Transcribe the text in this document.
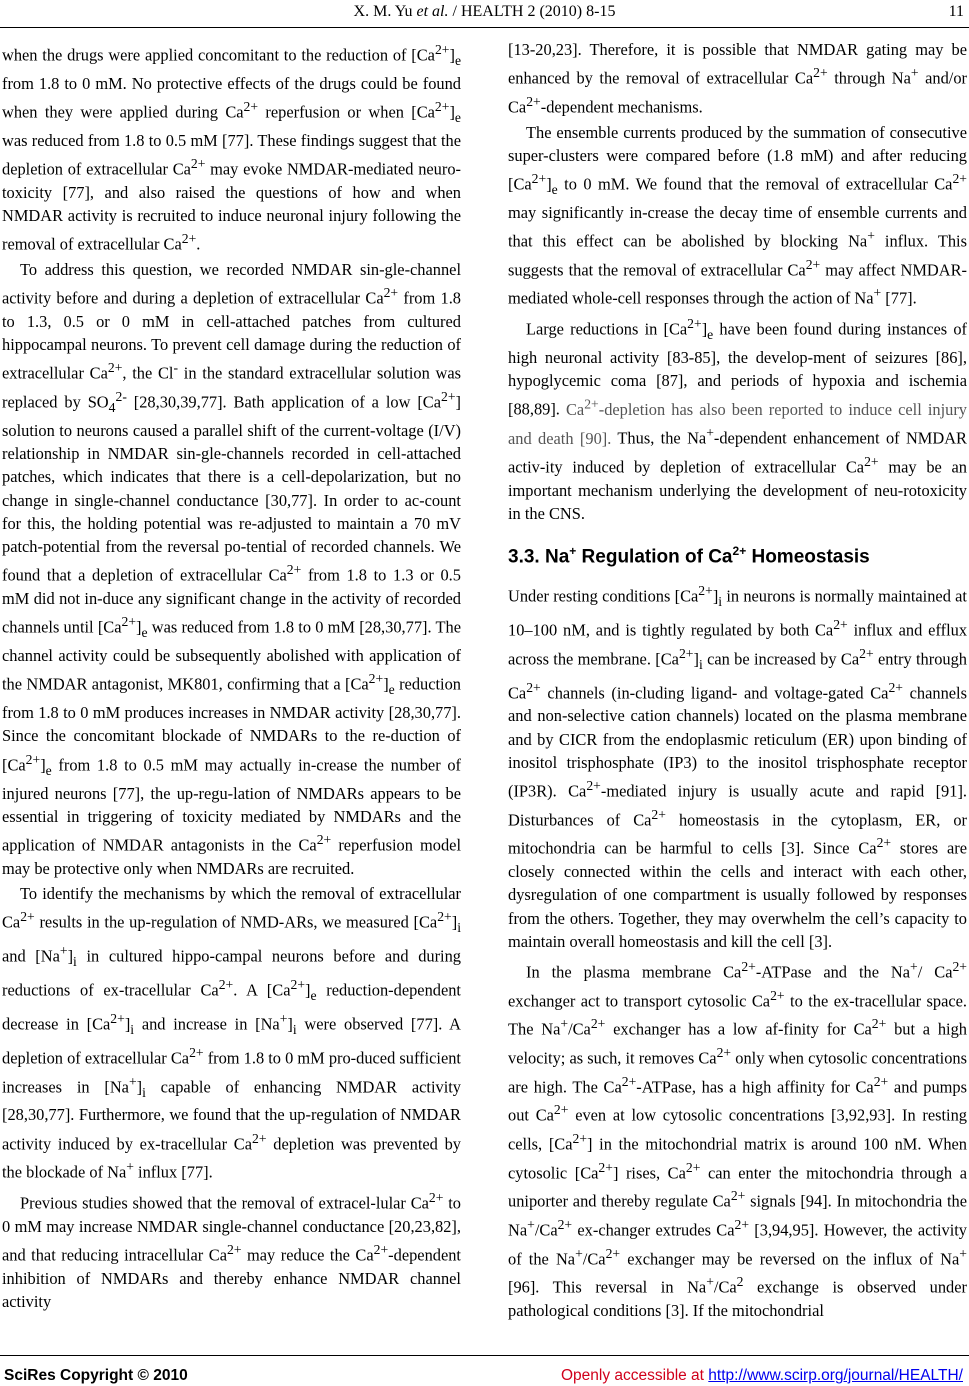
X. M. Yu et al. / HEALTH 2 (2010) 8-15	11

when the drugs were applied concomitant to the reduction of $[Ca^{2+}]_e$ from 1.8 to 0 mM. No protective effects of the drugs could be found when they were applied during $Ca^{2+}$ reperfusion or when $[Ca^{2+}]_e$ was reduced from 1.8 to 0.5 mM [77]. These findings suggest that the depletion of extracellular $Ca^{2+}$ may evoke NMDAR-mediated neuro-toxicity [77], and also raised the questions of how and when NMDAR activity is recruited to induce neuronal injury following the removal of extracellular $Ca^{2+}$.

To address this question, we recorded NMDAR sin-gle-channel activity before and during a depletion of extracellular $Ca^{2+}$ from 1.8 to 1.3, 0.5 or 0 mM in cell-attached patches from cultured hippocampal neurons. To prevent cell damage during the reduction of extracellular $Ca^{2+}$, the Cl- in the standard extracellular solution was replaced by $SO_4^{2-}$ [28,30,39,77]. Bath application of a low $[Ca^{2+}]$ solution to neurons caused a parallel shift of the current-voltage (I/V) relationship in NMDAR sin-gle-channels recorded in cell-attached patches, which indicates that there is a cell-depolarization, but no change in single-channel conductance [30,77]. In order to ac-count for this, the holding potential was re-adjusted to maintain a 70 mV patch-potential from the reversal po-tential of recorded channels. We found that a depletion of extracellular $Ca^{2+}$ from 1.8 to 1.3 or 0.5 mM did not in-duce any significant change in the activity of recorded channels until $[Ca^{2+}]_e$ was reduced from 1.8 to 0 mM [28,30,77]. The channel activity could be subsequently abolished with application of the NMDAR antagonist, MK801, confirming that a $[Ca^{2+}]_e$ reduction from 1.8 to 0 mM produces increases in NMDAR activity [28,30,77]. Since the concomitant blockade of NMDARs to the re-duction of $[Ca^{2+}]_e$ from 1.8 to 0.5 mM may actually in-crease the number of injured neurons [77], the up-regu-lation of NMDARs appears to be essential in triggering of toxicity mediated by NMDARs and the application of NMDAR antagonists in the $Ca^{2+}$ reperfusion model may be protective only when NMDARs are recruited.

To identify the mechanisms by which the removal of extracellular $Ca^{2+}$ results in the up-regulation of NMD-ARs, we measured $[Ca^{2+}]_i$ and $[Na^+]_i$ in cultured hippo-campal neurons before and during reductions of ex-tracellular $Ca^{2+}$. A $[Ca^{2+}]_e$ reduction-dependent decrease in $[Ca^{2+}]_i$ and increase in $[Na^+]_i$ were observed [77]. A depletion of extracellular $Ca^{2+}$ from 1.8 to 0 mM pro-duced sufficient increases in $[Na^+]_i$ capable of enhancing NMDAR activity [28,30,77]. Furthermore, we found that the up-regulation of NMDAR activity induced by ex-tracellular $Ca^{2+}$ depletion was prevented by the blockade of Na+ influx [77].

Previous studies showed that the removal of extracel-lular $Ca^{2+}$ to 0 mM may increase NMDAR single-channel conductance [20,23,82], and that reducing intracellular $Ca^{2+}$ may reduce the $Ca^{2+}$-dependent inhibition of NMDARs and thereby enhance NMDAR channel activity

[13-20,23]. Therefore, it is possible that NMDAR gating may be enhanced by the removal of extracellular $Ca^{2+}$ through Na+ and/or $Ca^{2+}$-dependent mechanisms.

The ensemble currents produced by the summation of consecutive super-clusters were compared before (1.8 mM) and after reducing $[Ca^{2+}]_e$ to 0 mM. We found that the removal of extracellular $Ca^{2+}$ may significantly in-crease the decay time of ensemble currents and that this effect can be abolished by blocking Na+ influx. This suggests that the removal of extracellular $Ca^{2+}$ may affect NMDAR-mediated whole-cell responses through the action of Na+ [77].

Large reductions in $[Ca^{2+}]_e$ have been found during instances of high neuronal activity [83-85], the develop-ment of seizures [86], hypoglycemic coma [87], and periods of hypoxia and ischemia [88,89]. $Ca^{2+}$-depletion has also been reported to induce cell injury and death [90]. Thus, the Na+-dependent enhancement of NMDAR activ-ity induced by depletion of extracellular $Ca^{2+}$ may be an important mechanism underlying the development of neu-rotoxicity in the CNS.

3.3. Na+ Regulation of $Ca^{2+}$ Homeostasis

Under resting conditions $[Ca^{2+}]_i$ in neurons is normally maintained at 10–100 nM, and is tightly regulated by both $Ca^{2+}$ influx and efflux across the membrane. $[Ca^{2+}]_i$ can be increased by $Ca^{2+}$ entry through $Ca^{2+}$ channels (in-cluding ligand- and voltage-gated $Ca^{2+}$ channels and non-selective cation channels) located on the plasma membrane and by CICR from the endoplasmic reticulum (ER) upon binding of inositol trisphosphate (IP3) to the inositol trisphosphate receptor (IP3R). $Ca^{2+}$-mediated injury is usually acute and rapid [91]. Disturbances of $Ca^{2+}$ homeostasis in the cytoplasm, ER, or mitochondria can be harmful to cells [3]. Since $Ca^{2+}$ stores are closely connected within the cells and interact with each other, dysregulation of one compartment is usually followed by responses from the others. Together, they may overwhelm the cell’s capacity to maintain overall homeostasis and kill the cell [3].

In the plasma membrane $Ca^{2+}$-ATPase and the Na+/ $Ca^{2+}$ exchanger act to transport cytosolic $Ca^{2+}$ to the ex-tracellular space. The $Na^+/Ca^{2+}$ exchanger has a low af-finity for $Ca^{2+}$ but a high velocity; as such, it removes $Ca^{2+}$ only when cytosolic concentrations are high. The $Ca^{2+}$-ATPase, has a high affinity for $Ca^{2+}$ and pumps out $Ca^{2+}$ even at low cytosolic concentrations [3,92,93]. In resting cells, $[Ca^{2+}]$ in the mitochondrial matrix is around 100 nM. When cytosolic $[Ca^{2+}]$ rises, $Ca^{2+}$ can enter the mitochondria through a uniporter and thereby regulate $Ca^{2+}$ signals [94]. In mitochondria the $Na^+/Ca^{2+}$ ex-changer extrudes $Ca^{2+}$ [3,94,95]. However, the activity of the $Na^+/Ca^{2+}$ exchanger may be reversed on the influx of Na+ [96]. This reversal in Na+/Ca$^2$ exchange is observed under pathological conditions [3]. If the mitochondrial

SciRes Copyright © 2010	Openly accessible at http://www.scirp.org/journal/HEALTH/
